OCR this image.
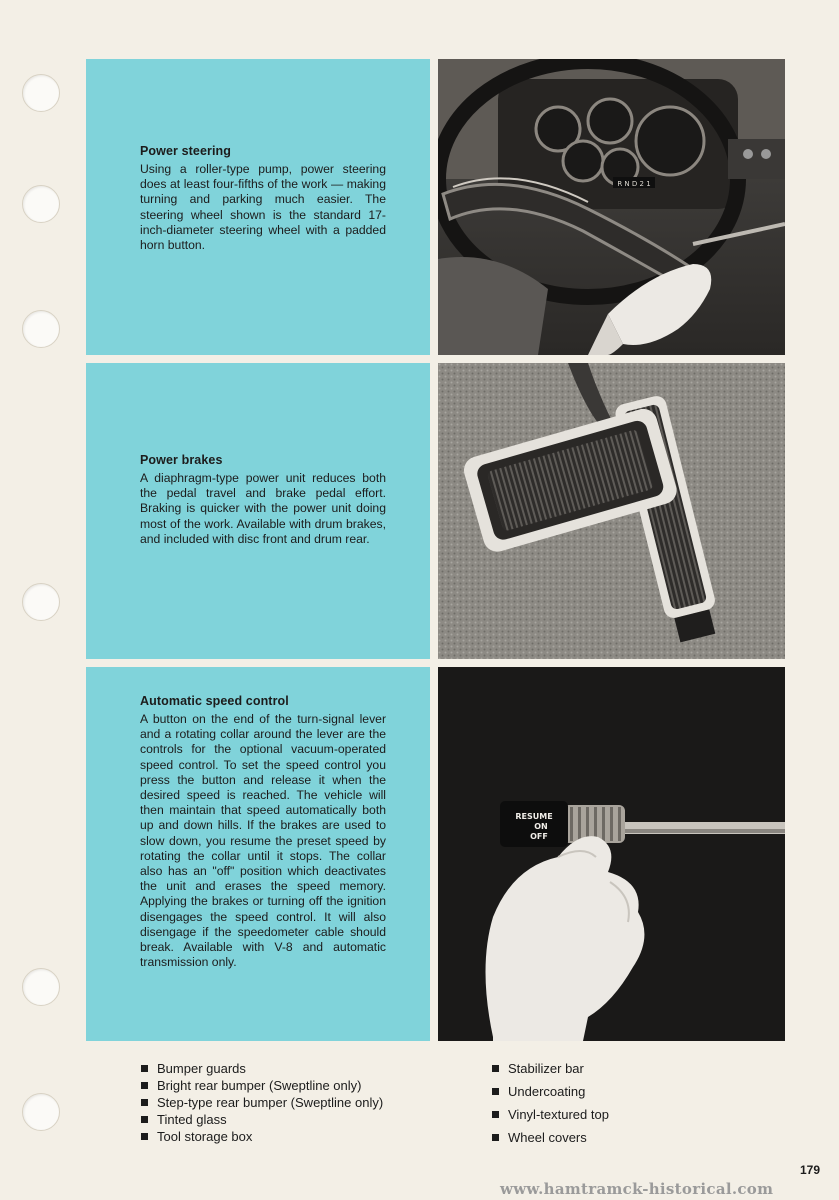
Power steering

Using a roller-type pump, power steering does at least four-fifths of the work — making turning and parking much easier. The steering wheel shown is the standard 17-inch-diameter steering wheel with a padded horn button.

R N D 2 1
Power brakes

A diaphragm-type power unit reduces both the pedal travel and brake pedal effort. Braking is quicker with the power unit doing most of the work. Available with drum brakes, and included with disc front and drum rear.

Automatic speed control

A button on the end of the turn-signal lever and a rotating collar around the lever are the controls for the optional vacuum-operated speed control. To set the speed control you press the button and release it when the desired speed is reached. The vehicle will then maintain that speed automatically both up and down hills. If the brakes are used to slow down, you resume the preset speed by rotating the collar until it stops. The collar also has an "off" position which deactivates the unit and erases the speed memory. Applying the brakes or turning off the ignition disengages the speed control. It will also disengage if the speedometer cable should break. Available with V-8 and automatic transmission only.

RESUME
ON
OFF
Bumper guards
Bright rear bumper (Sweptline only)
Step-type rear bumper (Sweptline only)
Tinted glass
Tool storage box
Stabilizer bar
Undercoating
Vinyl-textured top
Wheel covers
179
www.hamtramck-historical.com
